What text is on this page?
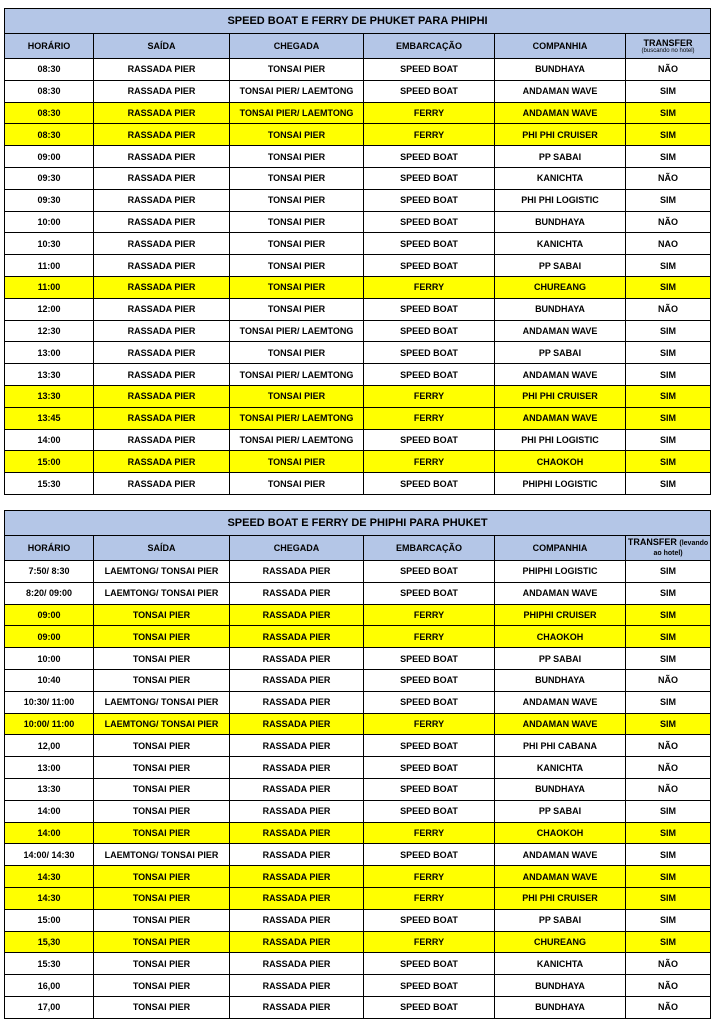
SPEED BOAT E FERRY DE PHUKET PARA PHIPHI					
HORÁRIO	SAÍDA	CHEGADA	EMBARCAÇÃO	COMPANHIA	TRANSFER
(buscando no hotel)

08:30	RASSADA PIER	TONSAI PIER	SPEED BOAT	BUNDHAYA	NÃO
08:30	RASSADA PIER	TONSAI PIER/ LAEMTONG	SPEED BOAT	ANDAMAN WAVE	SIM
08:30	RASSADA PIER	TONSAI PIER/ LAEMTONG	FERRY	ANDAMAN WAVE	SIM
08:30	RASSADA PIER	TONSAI PIER	FERRY	PHI PHI CRUISER	SIM
09:00	RASSADA PIER	TONSAI PIER	SPEED BOAT	PP SABAI	SIM
09:30	RASSADA PIER	TONSAI PIER	SPEED BOAT	KANICHTA	NÃO
09:30	RASSADA PIER	TONSAI PIER	SPEED BOAT	PHI PHI LOGISTIC	SIM
10:00	RASSADA PIER	TONSAI PIER	SPEED BOAT	BUNDHAYA	NÃO
10:30	RASSADA PIER	TONSAI PIER	SPEED BOAT	KANICHTA	NAO
11:00	RASSADA PIER	TONSAI PIER	SPEED BOAT	PP SABAI	SIM
11:00	RASSADA PIER	TONSAI PIER	FERRY	CHUREANG	SIM
12:00	RASSADA PIER	TONSAI PIER	SPEED BOAT	BUNDHAYA	NÃO
12:30	RASSADA PIER	TONSAI PIER/ LAEMTONG	SPEED BOAT	ANDAMAN WAVE	SIM
13:00	RASSADA PIER	TONSAI PIER	SPEED BOAT	PP SABAI	SIM
13:30	RASSADA PIER	TONSAI PIER/ LAEMTONG	SPEED BOAT	ANDAMAN WAVE	SIM
13:30	RASSADA PIER	TONSAI PIER	FERRY	PHI PHI CRUISER	SIM
13:45	RASSADA PIER	TONSAI PIER/ LAEMTONG	FERRY	ANDAMAN WAVE	SIM
14:00	RASSADA PIER	TONSAI PIER/ LAEMTONG	SPEED BOAT	PHI PHI LOGISTIC	SIM
15:00	RASSADA PIER	TONSAI PIER	FERRY	CHAOKOH	SIM
15:30	RASSADA PIER	TONSAI PIER	SPEED BOAT	PHIPHI LOGISTIC	SIM
SPEED BOAT E FERRY DE PHIPHI PARA PHUKET					
HORÁRIO	SAÍDA	CHEGADA	EMBARCAÇÃO	COMPANHIA	TRANSFER (levando ao hotel)
7:50/ 8:30	LAEMTONG/ TONSAI PIER	RASSADA PIER	SPEED BOAT	PHIPHI LOGISTIC	SIM
8:20/ 09:00	LAEMTONG/ TONSAI PIER	RASSADA PIER	SPEED BOAT	ANDAMAN WAVE	SIM
09:00	TONSAI PIER	RASSADA PIER	FERRY	PHIPHI CRUISER	SIM
09:00	TONSAI PIER	RASSADA PIER	FERRY	CHAOKOH	SIM
10:00	TONSAI PIER	RASSADA PIER	SPEED BOAT	PP SABAI	SIM
10:40	TONSAI PIER	RASSADA PIER	SPEED BOAT	BUNDHAYA	NÃO
10:30/ 11:00	LAEMTONG/ TONSAI PIER	RASSADA PIER	SPEED BOAT	ANDAMAN WAVE	SIM
10:00/ 11:00	LAEMTONG/ TONSAI PIER	RASSADA PIER	FERRY	ANDAMAN WAVE	SIM
12,00	TONSAI PIER	RASSADA PIER	SPEED BOAT	PHI PHI CABANA	NÃO
13:00	TONSAI PIER	RASSADA PIER	SPEED BOAT	KANICHTA	NÃO
13:30	TONSAI PIER	RASSADA PIER	SPEED BOAT	BUNDHAYA	NÃO
14:00	TONSAI PIER	RASSADA PIER	SPEED BOAT	PP SABAI	SIM
14:00	TONSAI PIER	RASSADA PIER	FERRY	CHAOKOH	SIM
14:00/ 14:30	LAEMTONG/ TONSAI PIER	RASSADA PIER	SPEED BOAT	ANDAMAN WAVE	SIM
14:30	TONSAI PIER	RASSADA PIER	FERRY	ANDAMAN WAVE	SIM
14:30	TONSAI PIER	RASSADA PIER	FERRY	PHI PHI CRUISER	SIM
15:00	TONSAI PIER	RASSADA PIER	SPEED BOAT	PP SABAI	SIM
15,30	TONSAI PIER	RASSADA PIER	FERRY	CHUREANG	SIM
15:30	TONSAI PIER	RASSADA PIER	SPEED BOAT	KANICHTA	NÃO
16,00	TONSAI PIER	RASSADA PIER	SPEED BOAT	BUNDHAYA	NÃO
17,00	TONSAI PIER	RASSADA PIER	SPEED BOAT	BUNDHAYA	NÃO
